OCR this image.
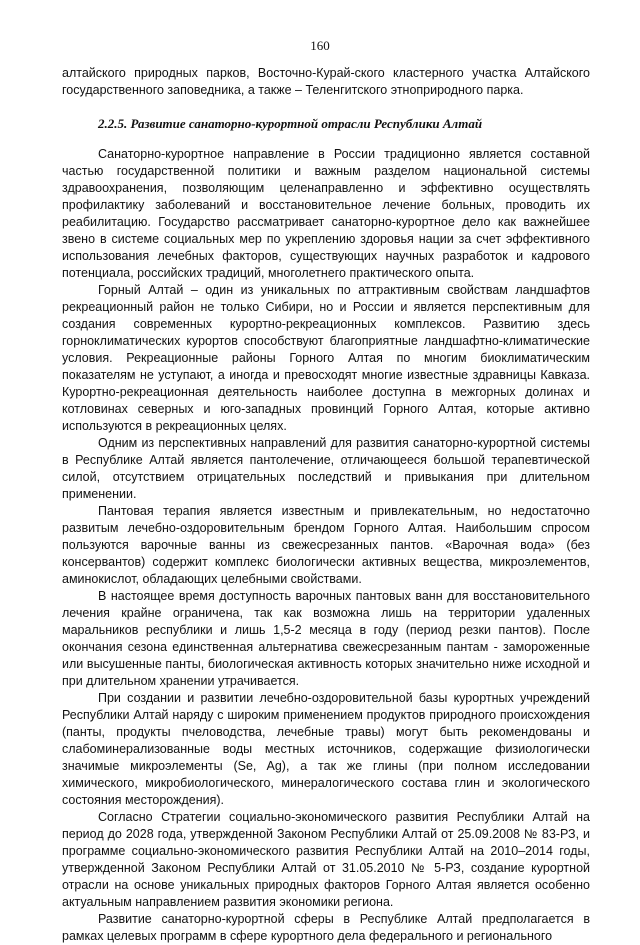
160

алтайского природных парков, Восточно-Курай-ского кластерного участка Алтайского государственного заповедника, а также – Теленгитского этноприродного парка.

2.2.5. Развитие санаторно-курортной отрасли Республики Алтай

Санаторно-курортное направление в России традиционно является составной частью государственной политики и важным разделом национальной системы здравоохранения, позволяющим целенаправленно и эффективно осуществлять профилактику заболеваний и восстановительное лечение больных, проводить их реабилитацию. Государство рассматривает санаторно-курортное дело как важнейшее звено в системе социальных мер по укреплению здоровья нации за счет эффективного использования лечебных факторов, существующих научных разработок и кадрового потенциала, российских традиций, многолетнего практического опыта.

Горный Алтай – один из уникальных по аттрактивным свойствам ландшафтов рекреационный район не только Сибири, но и России и является перспективным для создания современных курортно-рекреационных комплексов. Развитию здесь горноклиматических курортов способствуют благоприятные ландшафтно-климатические условия. Рекреационные районы Горного Алтая по многим биоклиматическим показателям не уступают, а иногда и превосходят многие известные здравницы Кавказа. Курортно-рекреационная деятельность наиболее доступна в межгорных долинах и котловинах северных и юго-западных провинций Горного Алтая, которые активно используются в рекреационных целях.

Одним из перспективных направлений для развития санаторно-курортной системы в Республике Алтай является пантолечение, отличающееся большой терапевтической силой, отсутствием отрицательных последствий и привыкания при длительном применении.

Пантовая терапия является известным и привлекательным, но недостаточно развитым лечебно-оздоровительным брендом Горного Алтая. Наибольшим спросом пользуются варочные ванны из свежесрезанных пантов. «Варочная вода» (без консервантов) содержит комплекс биологически активных вещества, микроэлементов, аминокислот, обладающих целебными свойствами.

В настоящее время доступность варочных пантовых ванн для восстановительного лечения крайне ограничена, так как возможна лишь на территории удаленных маральников республики и лишь 1,5-2 месяца в году (период резки пантов). После окончания сезона единственная альтернатива свежесрезанным пантам - замороженные или высушенные панты, биологическая активность которых значительно ниже исходной и при длительном хранении утрачивается.

При создании и развитии лечебно-оздоровительной базы курортных учреждений Республики Алтай наряду с широким применением продуктов природного происхождения (панты, продукты пчеловодства, лечебные травы) могут быть рекомендованы и слабоминерализованные воды местных источников, содержащие физиологически значимые микроэлементы (Se, Ag), а так же глины (при полном исследовании химического, микробиологического, минералогического состава глин и экологического состояния месторождения).

Согласно Стратегии социально-экономического развития Республики Алтай на период до 2028 года, утвержденной Законом Республики Алтай от 25.09.2008 № 83-РЗ, и программе социально-экономического развития Республики Алтай на 2010–2014 годы, утвержденной Законом Республики Алтай от 31.05.2010 № 5-РЗ, создание курортной отрасли на основе уникальных природных факторов Горного Алтая является особенно актуальным направлением развития экономики региона.

Развитие санаторно-курортной сферы в Республике Алтай предполагается в рамках целевых программ в сфере курортного дела федерального и регионального
